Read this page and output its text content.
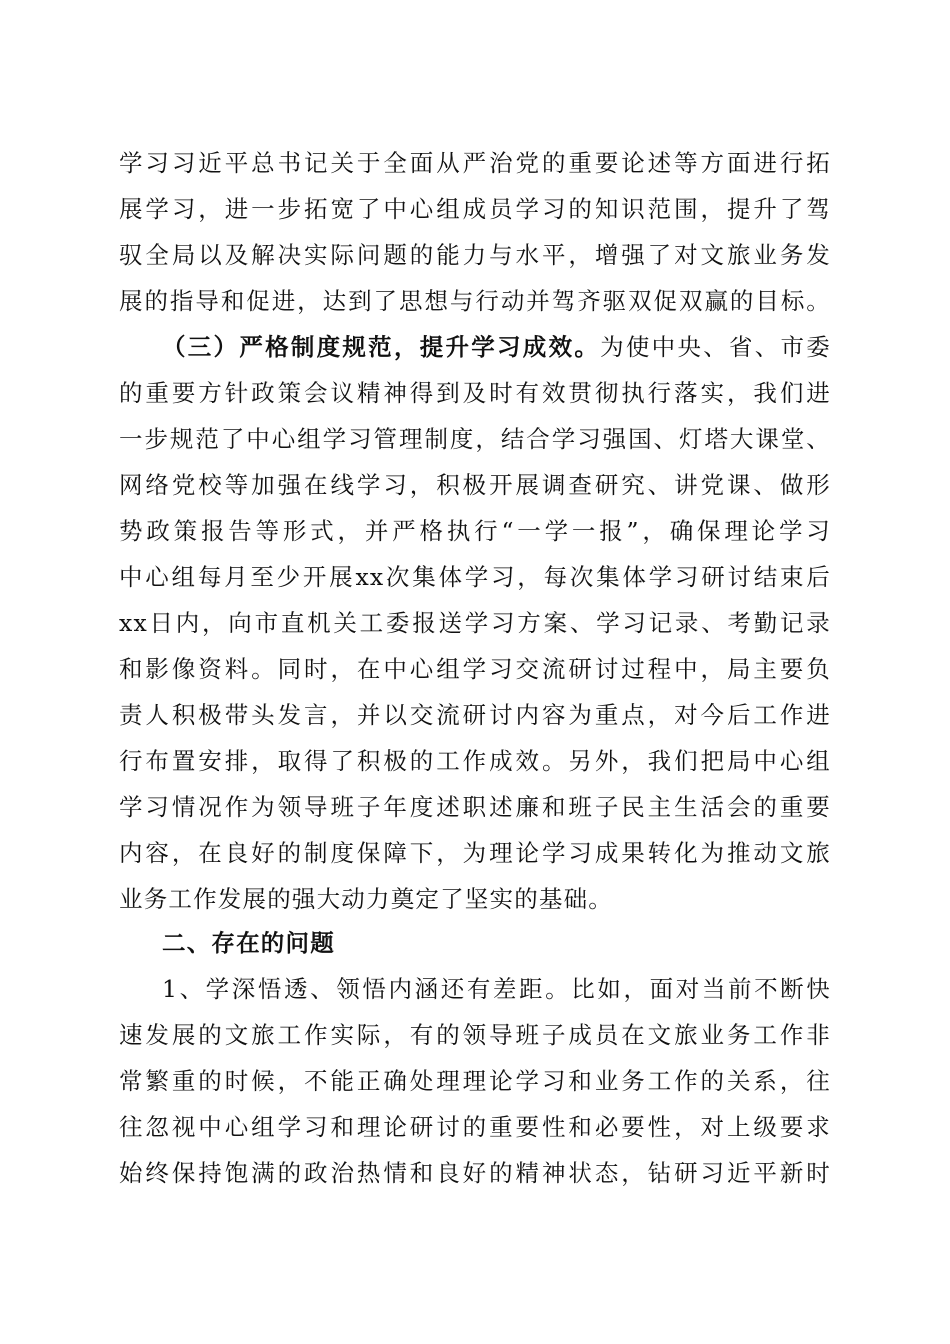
学习习近平总书记关于全面从严治党的重要论述等方面进行拓
展学习，进一步拓宽了中心组成员学习的知识范围，提升了驾
驭全局以及解决实际问题的能力与水平，增强了对文旅业务发
展的指导和促进，达到了思想与行动并驾齐驱双促双赢的目标。
（三）严格制度规范，提升学习成效。为使中央、省、市委
的重要方针政策会议精神得到及时有效贯彻执行落实，我们进
一步规范了中心组学习管理制度，结合学习强国、灯塔大课堂、
网络党校等加强在线学习，积极开展调查研究、讲党课、做形
势政策报告等形式，并严格执行“一学一报”，确保理论学习
中心组每月至少开展xx次集体学习，每次集体学习研讨结束后
xx日内，向市直机关工委报送学习方案、学习记录、考勤记录
和影像资料。同时，在中心组学习交流研讨过程中，局主要负
责人积极带头发言，并以交流研讨内容为重点，对今后工作进
行布置安排，取得了积极的工作成效。另外，我们把局中心组
学习情况作为领导班子年度述职述廉和班子民主生活会的重要
内容，在良好的制度保障下，为理论学习成果转化为推动文旅
业务工作发展的强大动力奠定了坚实的基础。
二、存在的问题
1、学深悟透、领悟内涵还有差距。比如，面对当前不断快
速发展的文旅工作实际，有的领导班子成员在文旅业务工作非
常繁重的时候，不能正确处理理论学习和业务工作的关系，往
往忽视中心组学习和理论研讨的重要性和必要性，对上级要求
始终保持饱满的政治热情和良好的精神状态，钻研习近平新时
